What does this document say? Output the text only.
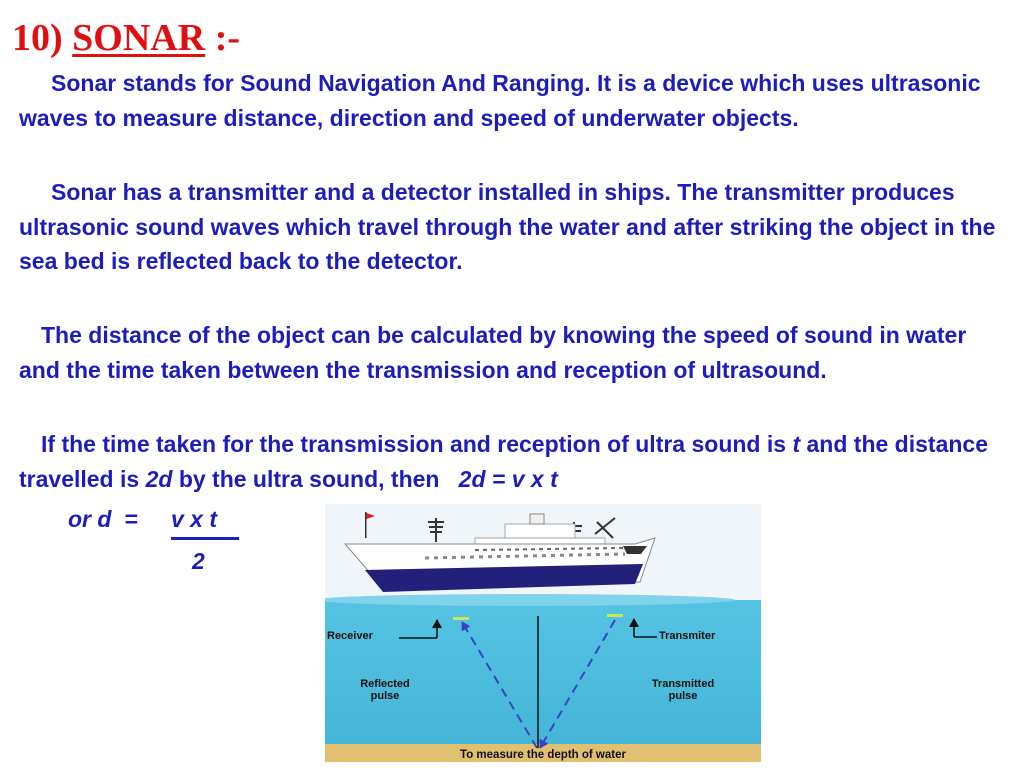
10) SONAR :-

Sonar stands for Sound Navigation And Ranging. It is a device which uses ultrasonic waves to measure distance, direction and speed of underwater objects.

Sonar has a transmitter and a detector installed in ships. The transmitter produces ultrasonic sound waves which travel through the water and after striking the object in the sea bed is reflected back to the detector.

The distance of the object can be calculated by knowing the speed of sound in water and the time taken between the transmission and reception of ultrasound.

If the time taken for the transmission and reception of ultra sound is t and the distance travelled is 2d by the ultra sound, then 2d = v x t

or d = v x t
2
Receiver	Transmiter
Reflected
pulse
Transmitted
pulse
To measure the depth of water
